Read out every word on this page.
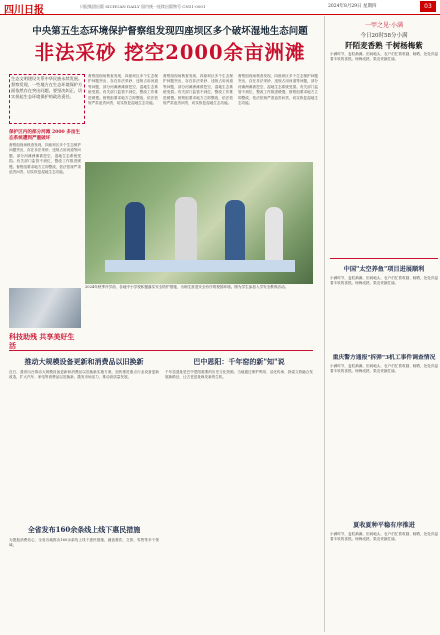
四川日报	川报集团出版 SICHUAN DAILY 国内统一连续出版物号 CN51-0001	2024年8月29日 星期四	03
中央第五生态环境保护督察组发现四座坝区多个破坏湿地生态问题
非法采砂 挖空2000余亩洲滩
生态文明建设关系中华民族永续发展。督察发现，一些地方在生态环境保护方面依然存在突出问题，要坚决纠正，切实担起生态环境保护的政治责任。
保护区内的部分河滩 2000 多亩生态系统遭到严重破坏
督察组现场核查发现，四座坝区多个生态保护问题突出，存在非法采砂、违规占用河道等问题，部分河滩洲滩被挖空，湿地生态系统受损。有关部门监管不到位，整改工作推进缓慢。督察组要求地方立即整改，依法依规严肃追责问责，切实恢复湿地生态功能。
督察组现场核查发现，四座坝区多个生态保护问题突出，存在非法采砂、违规占用河道等问题，部分河滩洲滩被挖空，湿地生态系统受损。有关部门监管不到位，整改工作推进缓慢。督察组要求地方立即整改，依法依规严肃追责问责，切实恢复湿地生态功能。
督察组现场核查发现，四座坝区多个生态保护问题突出，存在非法采砂、违规占用河道等问题，部分河滩洲滩被挖空，湿地生态系统受损。有关部门监管不到位，整改工作推进缓慢。督察组要求地方立即整改，依法依规严肃追责问责，切实恢复湿地生态功能。
督察组现场核查发现，四座坝区多个生态保护问题突出，存在非法采砂、违规占用河道等问题，部分河滩洲滩被挖空，湿地生态系统受损。有关部门监管不到位，整改工作推进缓慢。督察组要求地方立即整改，依法依规严肃追责问责，切实恢复湿地生态功能。
2024年秋季开学前，各地中小学校积极落实安全防护措施，为师生营造安全有序的校园环境。图为学生参加入学安全教育活动。
科技助残 共享美好生活
推动大规模设备更新和消费品以旧换新
近日，我省出台推动大规模设备更新和消费品以旧换新实施方案，加快推进重点行业设备更新改造，扩大汽车、家电等消费品以旧换新，激发市场活力，推动高质量发展。
巴中恩阳：千年窑的新"知"说
千年窑遗址是巴中恩阳重要的历史文化资源。当地通过保护利用、活化传承，探索文旅融合发展新路径，让古老窑址焕发新的生机。
全省发布160余条线上线下惠民措施
为提振消费信心，全省各地推出160余条线上线下惠民措施，涵盖餐饮、文旅、零售等多个领域。
一甲之见·小满
今日20时58分小满
阡陌麦香熟 千树杨梅紫
小满时节，麦粒渐满。田间地头，农户们忙着收割、晾晒，处处洋溢着丰收的喜悦。杨梅成熟，果农采摘忙碌。
中国"太空养鱼"项目进展顺利
小满时节，麦粒渐满。田间地头，农户们忙着收割、晾晒，处处洋溢着丰收的喜悦。杨梅成熟，果农采摘忙碌。
重庆警方通报"拆弹"3机工事件调查情况
小满时节，麦粒渐满。田间地头，农户们忙着收割、晾晒，处处洋溢着丰收的喜悦。杨梅成熟，果农采摘忙碌。
夏收夏种平稳有序推进
小满时节，麦粒渐满。田间地头，农户们忙着收割、晾晒，处处洋溢着丰收的喜悦。杨梅成熟，果农采摘忙碌。
